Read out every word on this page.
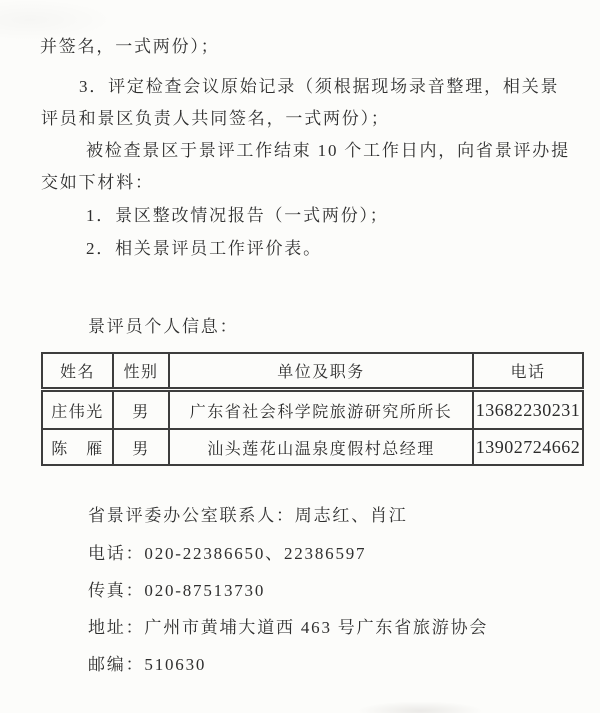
并签名，一式两份）；
3．评定检查会议原始记录（须根据现场录音整理，相关景
评员和景区负责人共同签名，一式两份）；
被检查景区于景评工作结束 10 个工作日内，向省景评办提
交如下材料：
1．景区整改情况报告（一式两份）；
2．相关景评员工作评价表。
景评员个人信息：
姓名	性别	单位及职务	电话
庄伟光	男	广东省社会科学院旅游研究所所长	13682230231
陈　雁	男	汕头莲花山温泉度假村总经理	13902724662
省景评委办公室联系人：周志红、肖江
电话：020-22386650、22386597
传真：020-87513730
地址：广州市黄埔大道西 463 号广东省旅游协会
邮编：510630
